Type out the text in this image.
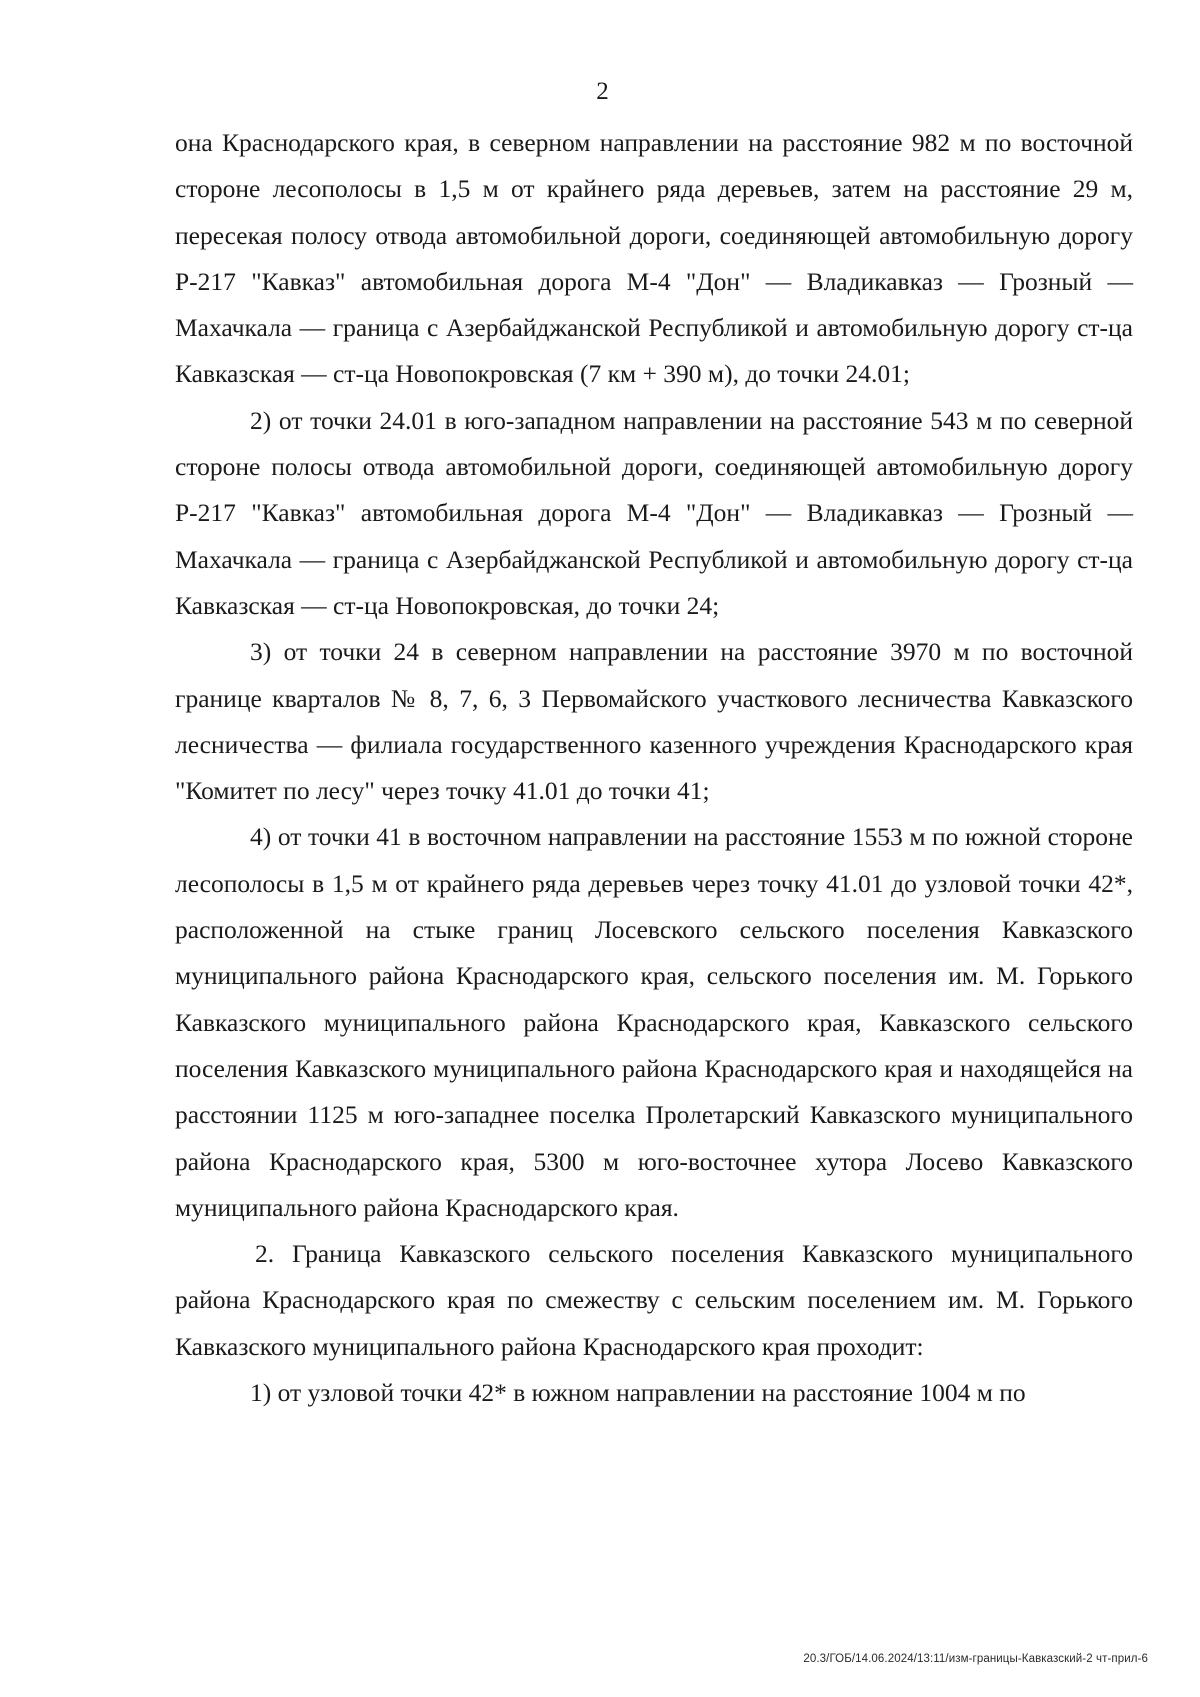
2

она Краснодарского края, в северном направлении на расстояние 982 м по восточной стороне лесополосы в 1,5 м от крайнего ряда деревьев, затем на расстояние 29 м, пересекая полосу отвода автомобильной дороги, соединяющей автомобильную дорогу Р-217 "Кавказ" автомобильная дорога М-4 "Дон" — Владикавказ — Грозный — Махачкала — граница с Азербайджанской Республикой и автомобильную дорогу ст-ца Кавказская — ст-ца Новопокровская (7 км + 390 м), до точки 24.01;

2) от точки 24.01 в юго-западном направлении на расстояние 543 м по северной стороне полосы отвода автомобильной дороги, соединяющей автомобильную дорогу Р-217 "Кавказ" автомобильная дорога М-4 "Дон" — Владикавказ — Грозный — Махачкала — граница с Азербайджанской Республикой и автомобильную дорогу ст-ца Кавказская — ст-ца Новопокровская, до точки 24;

3) от точки 24 в северном направлении на расстояние 3970 м по восточной границе кварталов № 8, 7, 6, 3 Первомайского участкового лесничества Кавказского лесничества — филиала государственного казенного учреждения Краснодарского края "Комитет по лесу" через точку 41.01 до точки 41;

4) от точки 41 в восточном направлении на расстояние 1553 м по южной стороне лесополосы в 1,5 м от крайнего ряда деревьев через точку 41.01 до узловой точки 42*, расположенной на стыке границ Лосевского сельского поселения Кавказского муниципального района Краснодарского края, сельского поселения им. М. Горького Кавказского муниципального района Краснодарского края, Кавказского сельского поселения Кавказского муниципального района Краснодарского края и находящейся на расстоянии 1125 м юго-западнее поселка Пролетарский Кавказского муниципального района Краснодарского края, 5300 м юго-восточнее хутора Лосево Кавказского муниципального района Краснодарского края.

2. Граница Кавказского сельского поселения Кавказского муниципального района Краснодарского края по смежеству с сельским поселением им. М. Горького Кавказского муниципального района Краснодарского края проходит:

1) от узловой точки 42* в южном направлении на расстояние 1004 м по

20.3/ГОБ/14.06.2024/13:11/изм-границы-Кавказский-2 чт-прил-6
